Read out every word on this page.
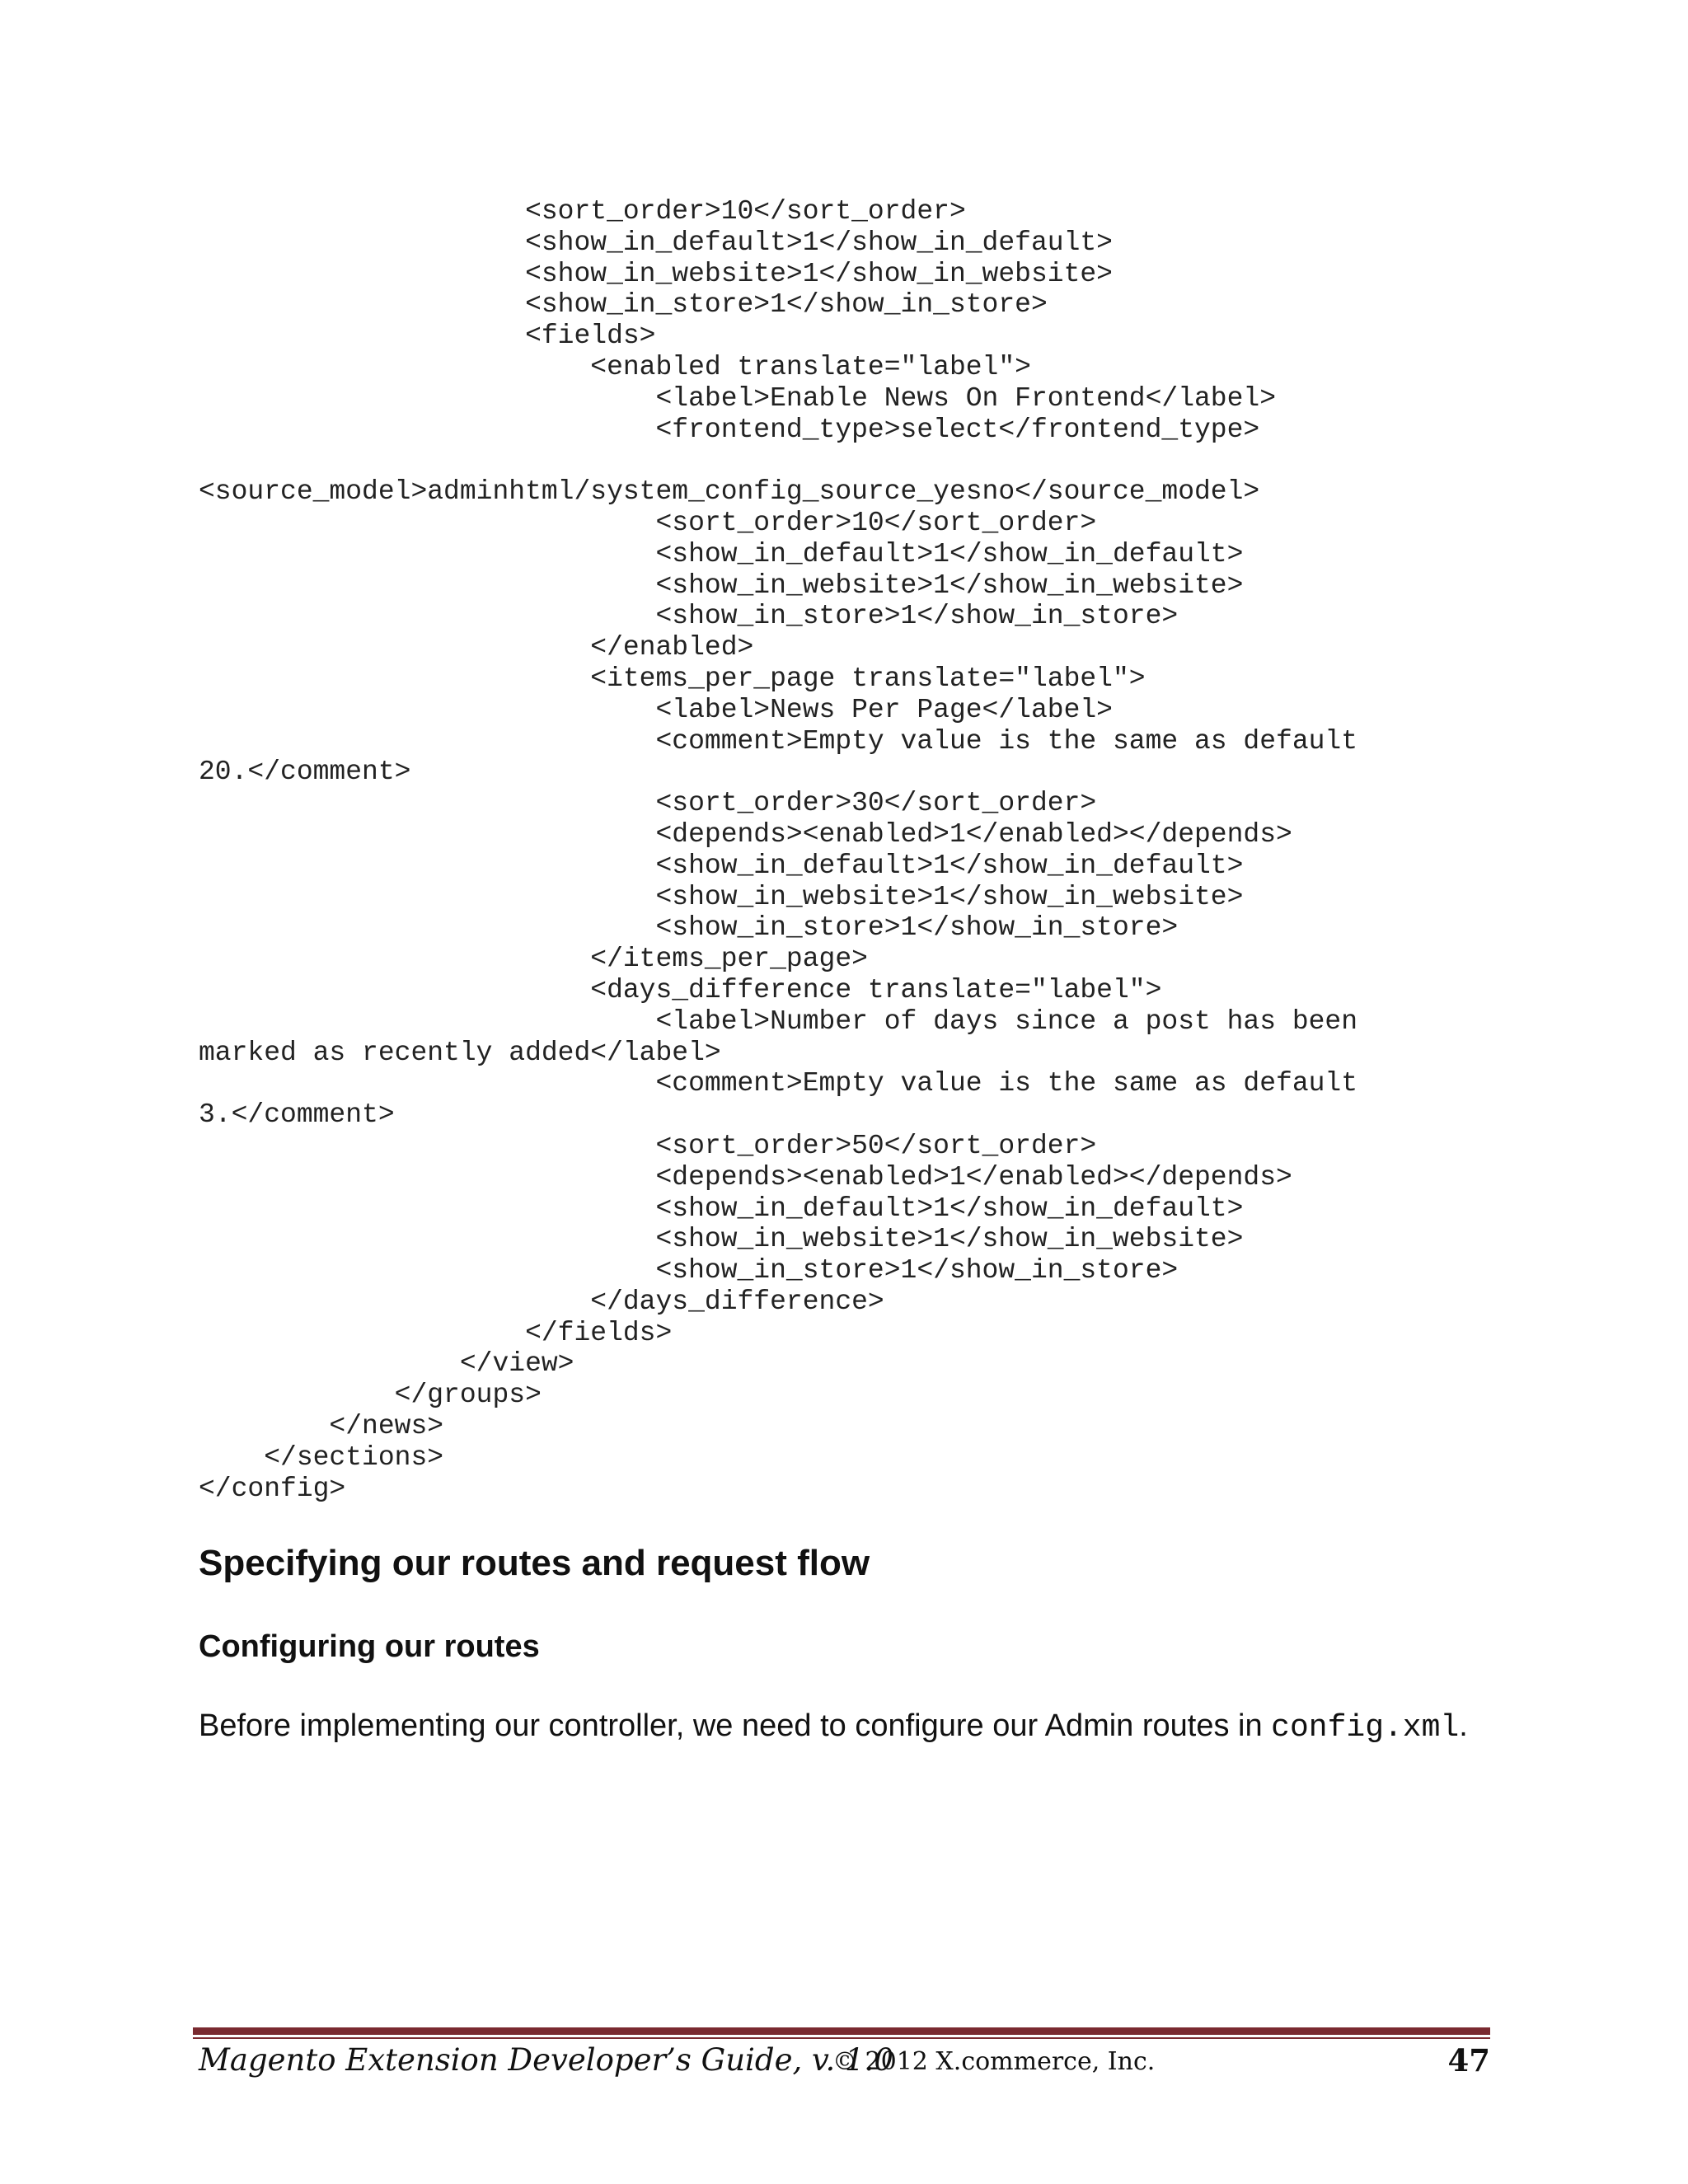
<sort_order>10</sort_order>
<show_in_default>1</show_in_default>
<show_in_website>1</show_in_website>
<show_in_store>1</show_in_store>
<fields>
<enabled translate="label">
<label>Enable News On Frontend</label>
<frontend_type>select</frontend_type>

<source_model>adminhtml/system_config_source_yesno</source_model>
<sort_order>10</sort_order>
<show_in_default>1</show_in_default>
<show_in_website>1</show_in_website>
<show_in_store>1</show_in_store>
</enabled>
<items_per_page translate="label">
<label>News Per Page</label>
<comment>Empty value is the same as default
20.</comment>
<sort_order>30</sort_order>
<depends><enabled>1</enabled></depends>
<show_in_default>1</show_in_default>
<show_in_website>1</show_in_website>
<show_in_store>1</show_in_store>
</items_per_page>
<days_difference translate="label">
<label>Number of days since a post has been
marked as recently added</label>
<comment>Empty value is the same as default
3.</comment>
<sort_order>50</sort_order>
<depends><enabled>1</enabled></depends>
<show_in_default>1</show_in_default>
<show_in_website>1</show_in_website>
<show_in_store>1</show_in_store>
</days_difference>
</fields>
</view>
</groups>
</news>
</sections>
</config>
Specifying our routes and request flow
Configuring our routes

Before implementing our controller, we need to configure our Admin routes in config.xml.

Magento Extension Developer’s Guide, v. 1.0
© 2012 X.commerce, Inc.	47
